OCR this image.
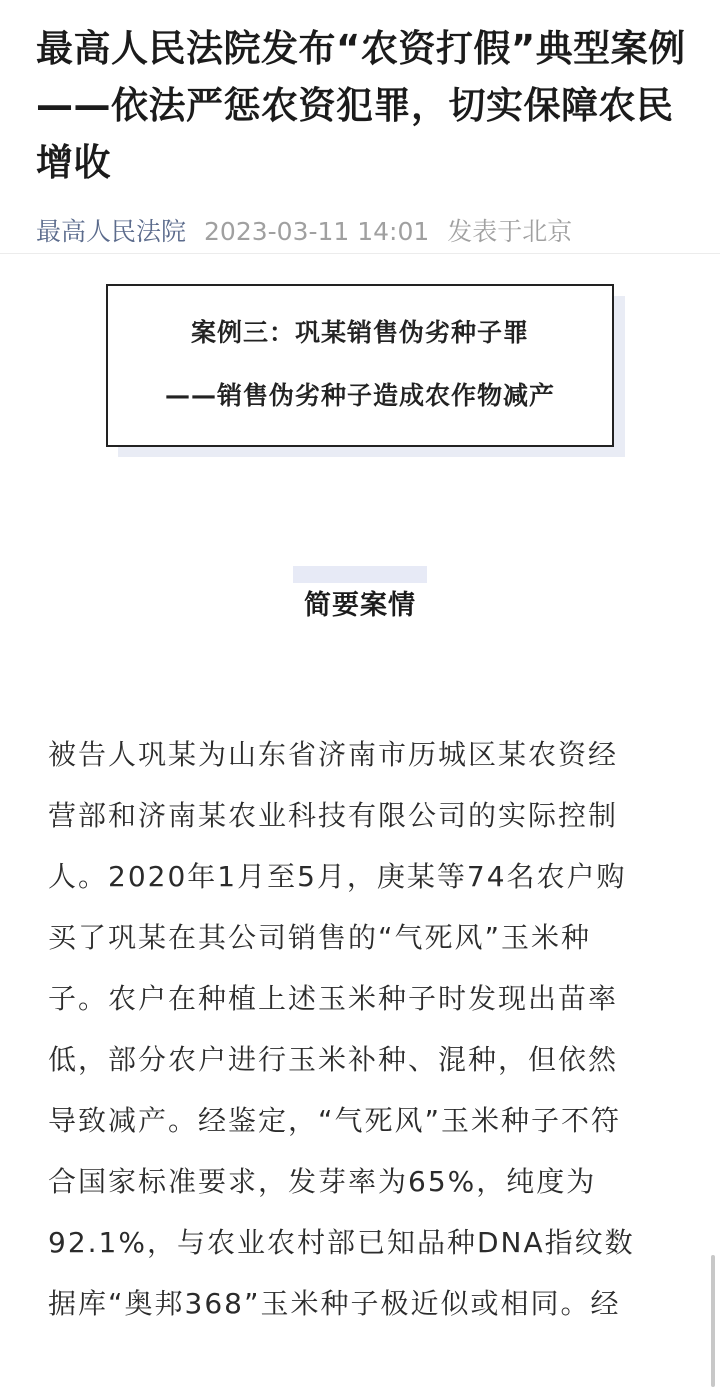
最高人民法院发布“农资打假”典型案例——依法严惩农资犯罪，切实保障农民增收
最高人民法院 2023-03-11 14:01 发表于北京
案例三：巩某销售伪劣种子罪
——销售伪劣种子造成农作物减产
简要案情
被告人巩某为山东省济南市历城区某农资经
营部和济南某农业科技有限公司的实际控制
人。2020年1月至5月，庚某等74名农户购
买了巩某在其公司销售的“气死风”玉米种
子。农户在种植上述玉米种子时发现出苗率
低，部分农户进行玉米补种、混种，但依然
导致减产。经鉴定，“气死风”玉米种子不符
合国家标准要求，发芽率为65%，纯度为
92.1%，与农业农村部已知品种DNA指纹数
据库“奥邦368”玉米种子极近似或相同。经
